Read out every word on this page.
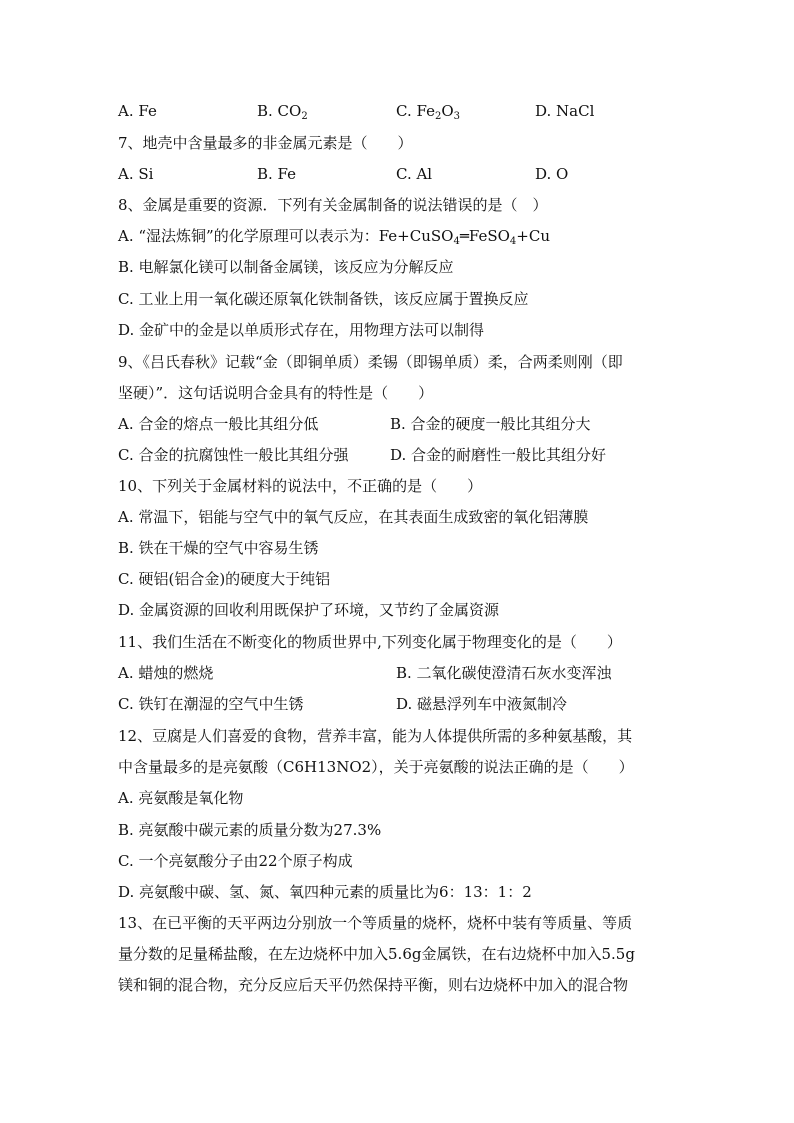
A. Fe	B. $CO_2$	C. $Fe_2O_3$	D. NaCl
7、地壳中含量最多的非金属元素是（　　）
A. Si	B. Fe	C. Al	D. O
8、金属是重要的资源．下列有关金属制备的说法错误的是（　）
A. “湿法炼铜”的化学原理可以表示为：Fe+CuSO$_4$═FeSO$_4$+Cu
B. 电解氯化镁可以制备金属镁，该反应为分解反应
C. 工业上用一氧化碳还原氧化铁制备铁，该反应属于置换反应
D. 金矿中的金是以单质形式存在，用物理方法可以制得
9、《吕氏春秋》记载“金（即铜单质）柔锡（即锡单质）柔，合两柔则刚（即
坚硬）”．这句话说明合金具有的特性是（　　）
A. 合金的熔点一般比其组分低	B. 合金的硬度一般比其组分大
C. 合金的抗腐蚀性一般比其组分强	D. 合金的耐磨性一般比其组分好
10、下列关于金属材料的说法中，不正确的是（　　）
A. 常温下，铝能与空气中的氧气反应，在其表面生成致密的氧化铝薄膜
B. 铁在干燥的空气中容易生锈
C. 硬铝(铝合金)的硬度大于纯铝
D. 金属资源的回收利用既保护了环境，又节约了金属资源
11、我们生活在不断变化的物质世界中,下列变化属于物理变化的是（　　）
A. 蜡烛的燃烧	B. 二氧化碳使澄清石灰水变浑浊
C. 铁钉在潮湿的空气中生锈	D. 磁悬浮列车中液氮制冷
12、豆腐是人们喜爱的食物，营养丰富，能为人体提供所需的多种氨基酸，其
中含量最多的是亮氨酸（C6H13NO2），关于亮氨酸的说法正确的是（　　）
A. 亮氨酸是氧化物
B. 亮氨酸中碳元素的质量分数为27.3%
C. 一个亮氨酸分子由22个原子构成
D. 亮氨酸中碳、氢、氮、氧四种元素的质量比为6：13：1：2
13、在已平衡的天平两边分别放一个等质量的烧杯，烧杯中装有等质量、等质
量分数的足量稀盐酸，在左边烧杯中加入5.6g金属铁，在右边烧杯中加入5.5g
镁和铜的混合物，充分反应后天平仍然保持平衡，则右边烧杯中加入的混合物
